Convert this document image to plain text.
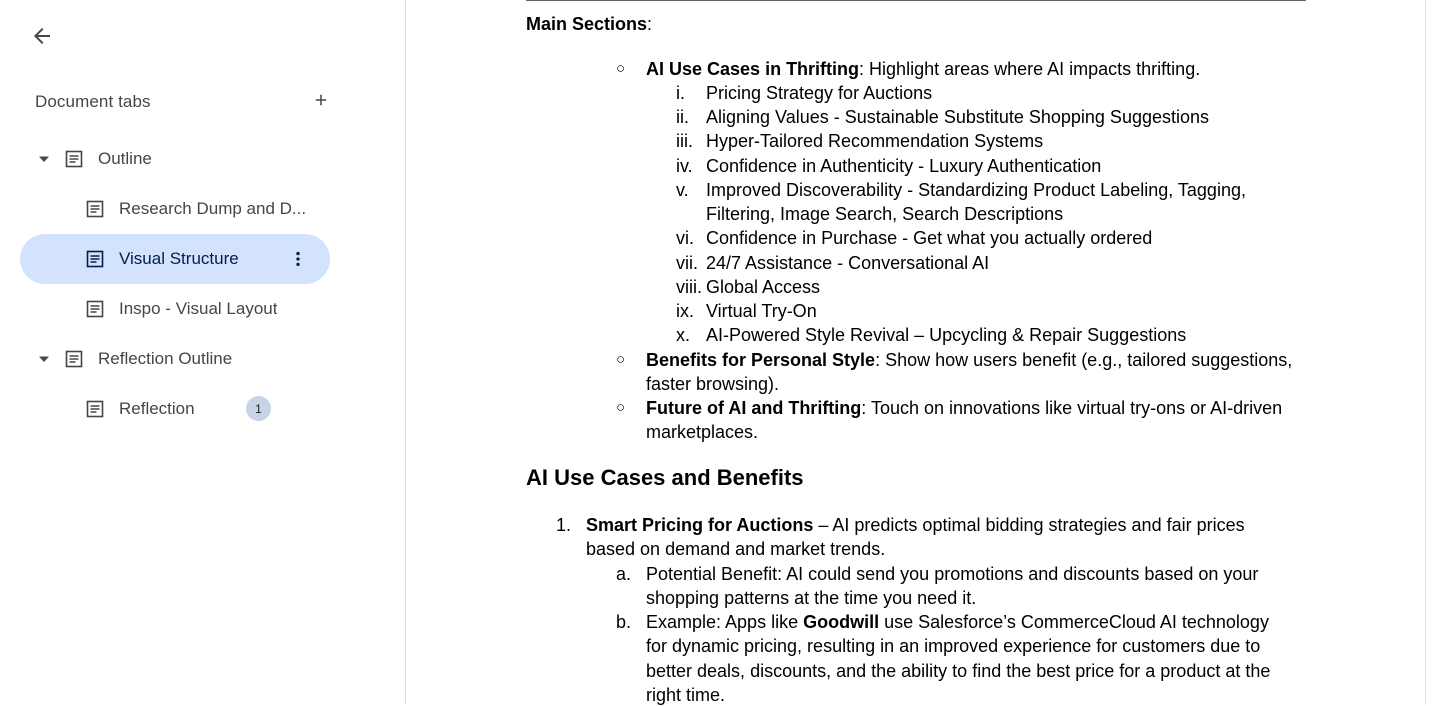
Document tabs
Outline
Research Dump and D...
Visual Structure
Inspo - Visual Layout
Reflection Outline
Reflection	1
Main Sections:
○ AI Use Cases in Thrifting: Highlight areas where AI impacts thrifting.
i. Pricing Strategy for Auctions
ii. Aligning Values - Sustainable Substitute Shopping Suggestions
iii. Hyper-Tailored Recommendation Systems
iv. Confidence in Authenticity - Luxury Authentication
v. Improved Discoverability - Standardizing Product Labeling, Tagging,
Filtering, Image Search, Search Descriptions
vi. Confidence in Purchase - Get what you actually ordered
vii. 24/7 Assistance - Conversational AI
viii. Global Access
ix. Virtual Try-On
x. AI-Powered Style Revival – Upcycling & Repair Suggestions
○ Benefits for Personal Style: Show how users benefit (e.g., tailored suggestions,
faster browsing).
○ Future of AI and Thrifting: Touch on innovations like virtual try-ons or AI-driven
marketplaces.
AI Use Cases and Benefits
1. Smart Pricing for Auctions – AI predicts optimal bidding strategies and fair prices
based on demand and market trends.
a. Potential Benefit: AI could send you promotions and discounts based on your
shopping patterns at the time you need it.
b. Example: Apps like Goodwill use Salesforce’s CommerceCloud AI technology
for dynamic pricing, resulting in an improved experience for customers due to
better deals, discounts, and the ability to find the best price for a product at the
right time.
